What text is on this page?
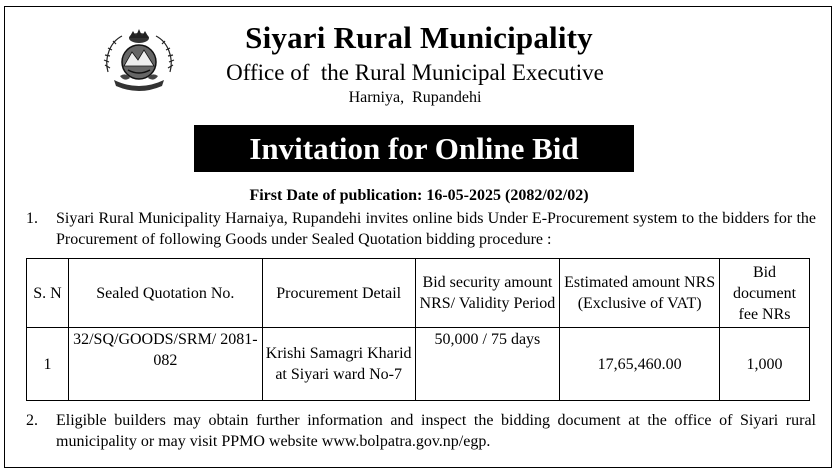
Siyari Rural Municipality
Office of  the Rural Municipal Executive
Harniya,  Rupandehi
Invitation for Online Bid
First Date of publication: 16-05-2025 (2082/02/02)
1. Siyari Rural Municipality Harnaiya, Rupandehi invites online bids Under E-Procurement system to the bidders for the Procurement of following Goods under Sealed Quotation bidding procedure :
S. N	Sealed Quotation No.	Procurement Detail	Bid security amount NRS/ Validity Period	Estimated amount NRS (Exclusive of VAT)	Bid document fee NRs
1	32/SQ/GOODS/SRM/ 2081-082	Krishi Samagri Kharid at Siyari ward No-7	50,000 / 75 days	17,65,460.00	1,000
2. Eligible builders may obtain further information and inspect the bidding document at the office of Siyari rural municipality or may visit PPMO website www.bolpatra.gov.np/egp.
